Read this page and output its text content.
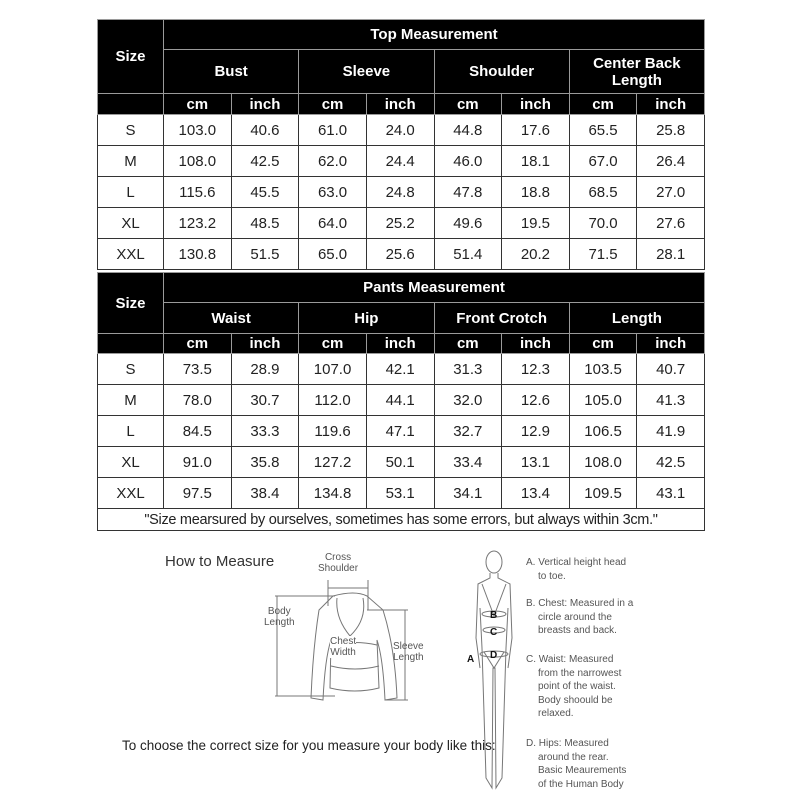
Size	Top Measurement							
	Bust		Sleeve		Shoulder		Center Back Length	
	cm	inch	cm	inch	cm	inch	cm	inch
S	103.0	40.6	61.0	24.0	44.8	17.6	65.5	25.8
M	108.0	42.5	62.0	24.4	46.0	18.1	67.0	26.4
L	115.6	45.5	63.0	24.8	47.8	18.8	68.5	27.0
XL	123.2	48.5	64.0	25.2	49.6	19.5	70.0	27.6
XXL	130.8	51.5	65.0	25.6	51.4	20.2	71.5	28.1
Size	Pants Measurement							
	Waist		Hip		Front Crotch		Length	
	cm	inch	cm	inch	cm	inch	cm	inch
S	73.5	28.9	107.0	42.1	31.3	12.3	103.5	40.7
M	78.0	30.7	112.0	44.1	32.0	12.6	105.0	41.3
L	84.5	33.3	119.6	47.1	32.7	12.9	106.5	41.9
XL	91.0	35.8	127.2	50.1	33.4	13.1	108.0	42.5
XXL	97.5	38.4	134.8	53.1	34.1	13.4	109.5	43.1
"Size mearsured by ourselves, sometimes has some errors, but always within 3cm."								
How to Measure	Cross
Shoulder
Body
Length
Chest
Width
Sleeve
Length
To choose the correct size for you measure your body like this:
A
B
C
D
A. Vertical height head
to toe.
B. Chest: Measured in a
circle around the
breasts and back.
C. Waist: Measured
from the narrowest
point of the waist.
Body shoould be
relaxed.
D. Hips: Measured
around the rear.
Basic Meaurements
of the Human Body
